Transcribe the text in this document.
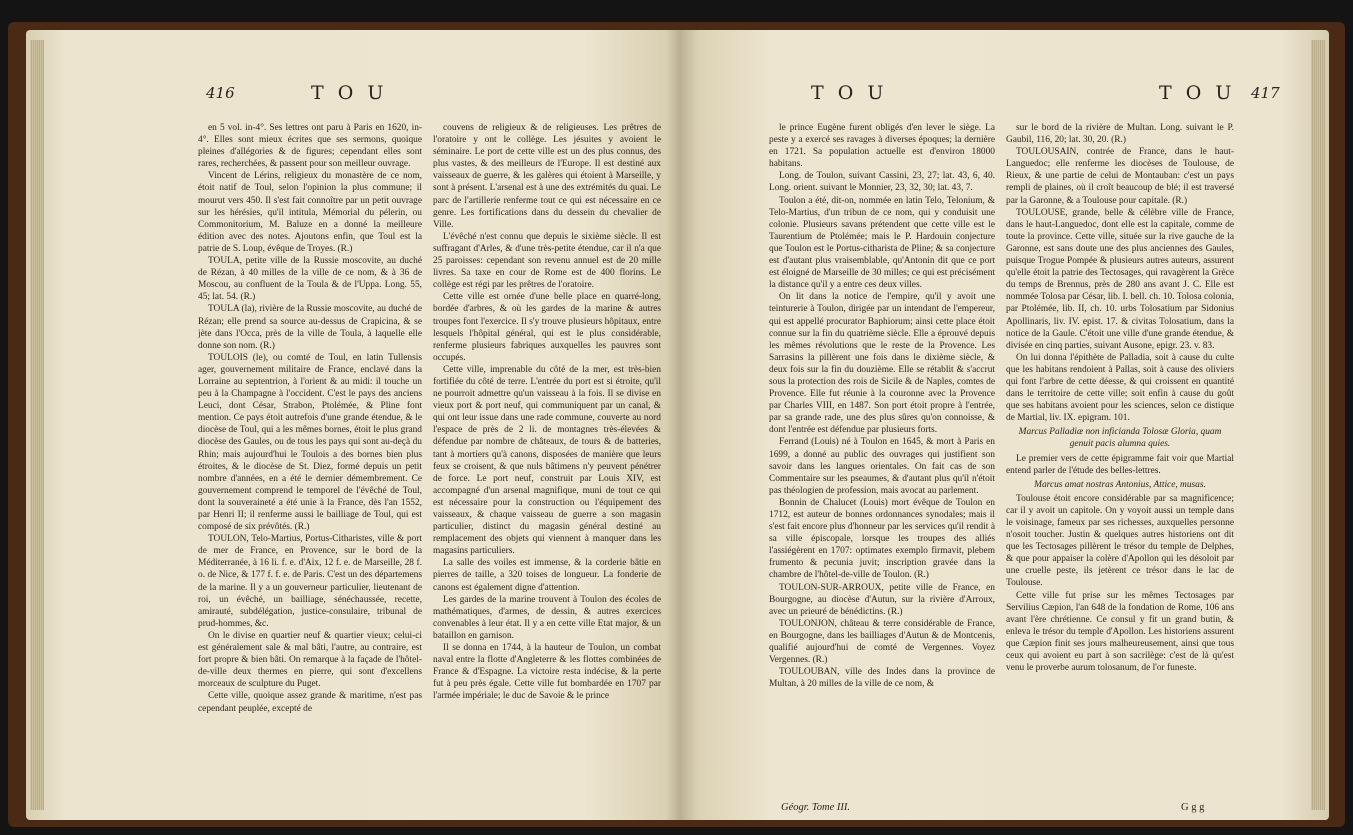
416	T O U

en 5 vol. in-4°. Ses lettres ont paru à Paris en 1620, in-4°. Elles sont mieux écrites que ses sermons, quoique pleines d'allégories & de figures; cependant elles sont rares, recherchées, & passent pour son meilleur ouvrage.

Vincent de Lérins, religieux du monastère de ce nom, étoit natif de Toul, selon l'opinion la plus commune; il mourut vers 450. Il s'est fait connoître par un petit ouvrage sur les hérésies, qu'il intitula, Mémorial du pélerin, ou Commonitorium, M. Baluze en a donné la meilleure édition avec des notes. Ajoutons enfin, que Toul est la patrie de S. Loup, évêque de Troyes. (R.)

TOULA, petite ville de la Russie moscovite, au duché de Rézan, à 40 milles de la ville de ce nom, & à 36 de Moscou, au confluent de la Toula & de l'Uppa. Long. 55, 45; lat. 54. (R.)

TOULA (la), rivière de la Russie moscovite, au duché de Rézan; elle prend sa source au-dessus de Crapicina, & se jète dans l'Occa, près de la ville de Toula, à laquelle elle donne son nom. (R.)

TOULOIS (le), ou comté de Toul, en latin Tullensis ager, gouvernement militaire de France, enclavé dans la Lorraine au septentrion, à l'orient & au midi: il touche un peu à la Champagne à l'occident. C'est le pays des anciens Leuci, dont César, Strabon, Ptolémée, & Pline font mention. Ce pays étoit autrefois d'une grande étendue, & le diocèse de Toul, qui a les mêmes bornes, étoit le plus grand diocèse des Gaules, ou de tous les pays qui sont au-deçà du Rhin; mais aujourd'hui le Toulois a des bornes bien plus étroites, & le diocèse de St. Diez, formé depuis un petit nombre d'années, en a été le dernier démembrement. Ce gouvernement comprend le temporel de l'évêché de Toul, dont la souveraineté a été unie à la France, dès l'an 1552, par Henri II; il renferme aussi le bailliage de Toul, qui est composé de six prévôtés. (R.)

TOULON, Telo-Martius, Portus-Citharistes, ville & port de mer de France, en Provence, sur le bord de la Méditerranée, à 16 li. f. e. d'Aix, 12 f. e. de Marseille, 28 f. o. de Nice, & 177 f. f. e. de Paris. C'est un des départemens de la marine. Il y a un gouverneur particulier, lieutenant de roi, un évêché, un bailliage, sénéchaussée, recette, amirauté, subdélégation, justice-consulaire, tribunal de prud-hommes, &c.

On le divise en quartier neuf & quartier vieux; celui-ci est généralement sale & mal bâti, l'autre, au contraire, est fort propre & bien bâti. On remarque à la façade de l'hôtel-de-ville deux thermes en pierre, qui sont d'excellens morceaux de sculpture du Puget.

Cette ville, quoique assez grande & maritime, n'est pas cependant peuplée, excepté de

couvens de religieux & de religieuses. Les prêtres de l'oratoire y ont le collège. Les jésuites y avoient le séminaire. Le port de cette ville est un des plus connus, des plus vastes, & des meilleurs de l'Europe. Il est destiné aux vaisseaux de guerre, & les galères qui étoient à Marseille, y sont à présent. L'arsenal est à une des extrémités du quai. Le parc de l'artillerie renferme tout ce qui est nécessaire en ce genre. Les fortifications dans du dessein du chevalier de Ville.

L'évêché n'est connu que depuis le sixième siècle. Il est suffragant d'Arles, & d'une très-petite étendue, car il n'a que 25 paroisses: cependant son revenu annuel est de 20 mille livres. Sa taxe en cour de Rome est de 400 florins. Le collège est régi par les prêtres de l'oratoire.

Cette ville est ornée d'une belle place en quarré-long, bordée d'arbres, & où les gardes de la marine & autres troupes font l'exercice. Il s'y trouve plusieurs hôpitaux, entre lesquels l'hôpital général, qui est le plus considérable, renferme plusieurs fabriques auxquelles les pauvres sont occupés.

Cette ville, imprenable du côté de la mer, est très-bien fortifiée du côté de terre. L'entrée du port est si étroite, qu'il ne pourroit admettre qu'un vaisseau à la fois. Il se divise en vieux port & port neuf, qui communiquent par un canal, & qui ont leur issue dans une rade commune, couverte au nord l'espace de près de 2 li. de montagnes très-élevées & défendue par nombre de châteaux, de tours & de batteries, tant à mortiers qu'à canons, disposées de manière que leurs feux se croisent, & que nuls bâtimens n'y peuvent pénétrer de force. Le port neuf, construit par Louis XIV, est accompagné d'un arsenal magnifique, muni de tout ce qui est nécessaire pour la construction ou l'équipement des vaisseaux, & chaque vaisseau de guerre a son magasin particulier, distinct du magasin général destiné au remplacement des objets qui viennent à manquer dans les magasins particuliers.

La salle des voiles est immense, & la corderie bâtie en pierres de taille, a 320 toises de longueur. La fonderie de canons est également digne d'attention.

Les gardes de la marine trouvent à Toulon des écoles de mathématiques, d'armes, de dessin, & autres exercices convenables à leur état. Il y a en cette ville Etat major, & un bataillon en garnison.

Il se donna en 1744, à la hauteur de Toulon, un combat naval entre la flotte d'Angleterre & les flottes combinées de France & d'Espagne. La victoire resta indécise, & la perte fut à peu près égale. Cette ville fut bombardée en 1707 par l'armée impériale; le duc de Savoie & le prince

T O U	T O U 417

le prince Eugène furent obligés d'en lever le siège. La peste y a exercé ses ravages à diverses époques; la dernière en 1721. Sa population actuelle est d'environ 18000 habitans.

Long. de Toulon, suivant Cassini, 23, 27; lat. 43, 6, 40. Long. orient. suivant le Monnier, 23, 32, 30; lat. 43, 7.

Toulon a été, dit-on, nommée en latin Telo, Telonium, & Telo-Martius, d'un tribun de ce nom, qui y conduisit une colonie. Plusieurs savans prétendent que cette ville est le Taurentium de Ptolémée; mais le P. Hardouin conjecture que Toulon est le Portus-citharista de Pline; & sa conjecture est d'autant plus vraisemblable, qu'Antonin dit que ce port est éloigné de Marseille de 30 milles; ce qui est précisément la distance qu'il y a entre ces deux villes.

On lit dans la notice de l'empire, qu'il y avoit une teinturerie à Toulon, dirigée par un intendant de l'empereur, qui est appellé procurator Baphiorum; ainsi cette place étoit connue sur la fin du quatrième siècle. Elle a éprouvé depuis les mêmes révolutions que le reste de la Provence. Les Sarrasins la pillèrent une fois dans le dixième siècle, & deux fois sur la fin du douzième. Elle se rétablit & s'accrut sous la protection des rois de Sicile & de Naples, comtes de Provence. Elle fut réunie à la couronne avec la Provence par Charles VIII, en 1487. Son port étoit propre à l'entrée, par sa grande rade, une des plus sûres qu'on connoisse, & dont l'entrée est défendue par plusieurs forts.

Ferrand (Louis) né à Toulon en 1645, & mort à Paris en 1699, a donné au public des ouvrages qui justifient son savoir dans les langues orientales. On fait cas de son Commentaire sur les pseaumes, & d'autant plus qu'il n'étoit pas théologien de profession, mais avocat au parlement.

Bonnin de Chalucet (Louis) mort évêque de Toulon en 1712, est auteur de bonnes ordonnances synodales; mais il s'est fait encore plus d'honneur par les services qu'il rendit à sa ville épiscopale, lorsque les troupes des alliés l'assiégèrent en 1707: optimates exemplo firmavit, plebem frumento & pecunia juvit; inscription gravée dans la chambre de l'hôtel-de-ville de Toulon. (R.)

TOULON-SUR-ARROUX, petite ville de France, en Bourgogne, au diocèse d'Autun, sur la rivière d'Arroux, avec un prieuré de bénédictins. (R.)

TOULONJON, château & terre considérable de France, en Bourgogne, dans les bailliages d'Autun & de Montcenis, qualifié aujourd'hui de comté de Vergennes. Voyez Vergennes. (R.)

TOULOUBAN, ville des Indes dans la province de Multan, à 20 milles de la ville de ce nom, &

Géogr. Tome III.

sur le bord de la rivière de Multan. Long. suivant le P. Gaubil, 116, 20; lat. 30, 20. (R.)

TOULOUSAIN, contrée de France, dans le haut-Languedoc; elle renferme les diocèses de Toulouse, de Rieux, & une partie de celui de Montauban: c'est un pays rempli de plaines, où il croît beaucoup de blé; il est traversé par la Garonne, & a Toulouse pour capitale. (R.)

TOULOUSE, grande, belle & célèbre ville de France, dans le haut-Languedoc, dont elle est la capitale, comme de toute la province. Cette ville, située sur la rive gauche de la Garonne, est sans doute une des plus anciennes des Gaules, puisque Trogue Pompée & plusieurs autres auteurs, assurent qu'elle étoit la patrie des Tectosages, qui ravagèrent la Grèce du temps de Brennus, près de 280 ans avant J. C. Elle est nommée Tolosa par César, lib. I. bell. ch. 10. Tolosa colonia, par Ptolémée, lib. II, ch. 10. urbs Tolosatium par Sidonius Apollinaris, liv. IV. epist. 17. & civitas Tolosatium, dans la notice de la Gaule. C'étoit une ville d'une grande étendue, & divisée en cinq parties, suivant Ausone, epigr. 23. v. 83.

On lui donna l'épithète de Palladia, soit à cause du culte que les habitans rendoient à Pallas, soit à cause des oliviers qui font l'arbre de cette déesse, & qui croissent en quantité dans le territoire de cette ville; soit enfin à cause du goût que ses habitans avoient pour les sciences, selon ce distique de Martial, liv. IX. epigram. 101.

Marcus Palladiæ non inficianda Tolosæ Gloria, quam genuit pacis alumna quies.

Le premier vers de cette épigramme fait voir que Martial entend parler de l'étude des belles-lettres.

Marcus amat nostras Antonius, Attice, musas.

Toulouse étoit encore considérable par sa magnificence; car il y avoit un capitole. On y voyoit aussi un temple dans le voisinage, fameux par ses richesses, auxquelles personne n'osoit toucher. Justin & quelques autres historiens ont dit que les Tectosages pillèrent le trésor du temple de Delphes, & que pour appaiser la colère d'Apollon qui les désoloit par une cruelle peste, ils jetèrent ce trésor dans le lac de Toulouse.

Cette ville fut prise sur les mêmes Tectosages par Servilius Cæpion, l'an 648 de la fondation de Rome, 106 ans avant l'ère chrétienne. Ce consul y fit un grand butin, & enleva le trésor du temple d'Apollon. Les historiens assurent que Cæpion finit ses jours malheureusement, ainsi que tous ceux qui avoient eu part à son sacrilège: c'est de là qu'est venu le proverbe aurum tolosanum, de l'or funeste.

G g g
